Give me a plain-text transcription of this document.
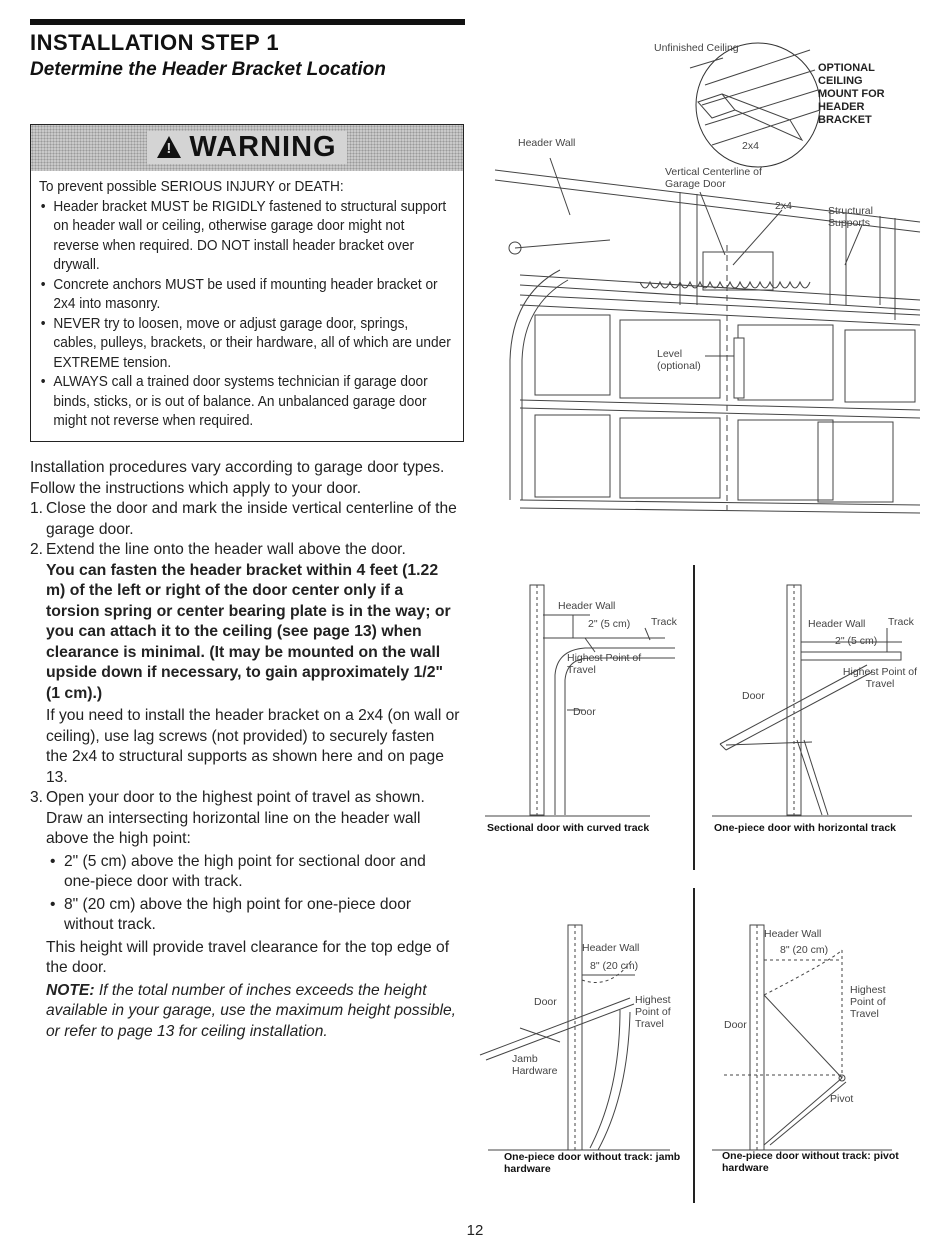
INSTALLATION STEP 1
Determine the Header Bracket Location
!WARNING

To prevent possible SERIOUS INJURY or DEATH:

• Header bracket MUST be RIGIDLY fastened to structural support on header wall or ceiling, otherwise garage door might not reverse when required. DO NOT install header bracket over drywall.
• Concrete anchors MUST be used if mounting header bracket or 2x4 into masonry.
• NEVER try to loosen, move or adjust garage door, springs, cables, pulleys, brackets, or their hardware, all of which are under EXTREME tension.
• ALWAYS call a trained door systems technician if garage door binds, sticks, or is out of balance. An unbalanced garage door might not reverse when required.

Installation procedures vary according to garage door types. Follow the instructions which apply to your door.

1. Close the door and mark the inside vertical centerline of the garage door.

2. Extend the line onto the header wall above the door.

You can fasten the header bracket within 4 feet (1.22 m) of the left or right of the door center only if a torsion spring or center bearing plate is in the way; or you can attach it to the ceiling (see page 13) when clearance is minimal. (It may be mounted on the wall upside down if necessary, to gain approximately 1/2" (1 cm).)

If you need to install the header bracket on a 2x4 (on wall or ceiling), use lag screws (not provided) to securely fasten the 2x4 to structural supports as shown here and on page 13.

3. Open your door to the highest point of travel as shown. Draw an intersecting horizontal line on the header wall above the high point:

• 2" (5 cm) above the high point for sectional door and one-piece door with track.

• 8" (20 cm) above the high point for one-piece door without track.

This height will provide travel clearance for the top edge of the door.

NOTE: If the total number of inches exceeds the height available in your garage, use the maximum height possible, or refer to page 13 for ceiling installation.

Unfinished Ceiling
OPTIONAL CEILING MOUNT FOR HEADER BRACKET
2x4
Header Wall
Vertical Centerline of Garage Door
2x4	Structural Supports
Level (optional)
Header Wall
2" (5 cm) Track
Highest Point of Travel
Door
Sectional door with curved track
Header Wall Track
2" (5 cm)
Highest Point of Travel
Door
One-piece door with horizontal track
Header Wall
8" (20 cm)
Door	Highest Point of Travel
Jamb Hardware
One-piece door without track: jamb hardware
Header Wall
8" (20 cm)
Highest Point of Travel
Door
Pivot
One-piece door without track: pivot hardware
12
